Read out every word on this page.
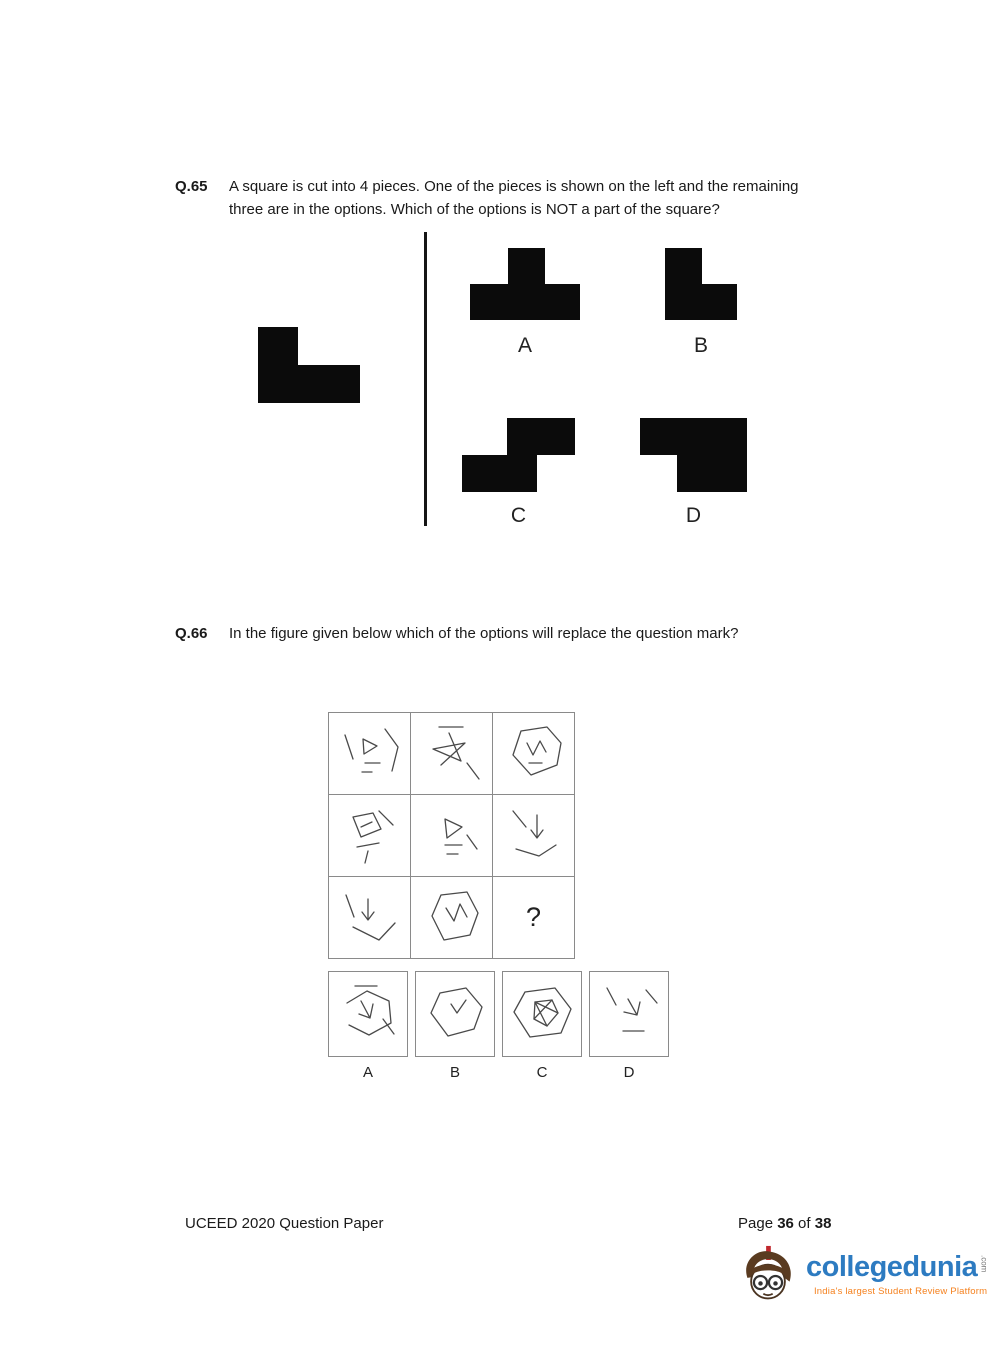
Q.65	A square is cut into 4 pieces. One of the pieces is shown on the left and the remaining three are in the options. Which of the options is NOT a part of the square?

A	B
C	D
Q.66	In the figure given below which of the options will replace the question mark?

?
A	B	C	D
UCEED 2020 Question Paper	Page 36 of 38
collegedunia .com
India's largest Student Review Platform
